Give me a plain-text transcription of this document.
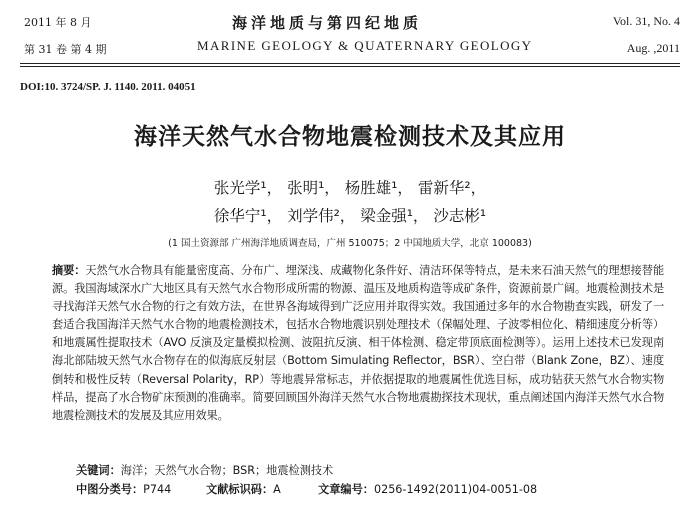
2011 年 8 月
第 31 卷 第 4 期
海洋地质与第四纪地质
MARINE GEOLOGY & QUATERNARY GEOLOGY
Vol. 31, No. 4
Aug. ,2011
DOI:10. 3724/SP. J. 1140. 2011. 04051
海洋天然气水合物地震检测技术及其应用
张光学¹， 张明¹， 杨胜雄¹， 雷新华²，
徐华宁¹， 刘学伟²， 梁金强¹， 沙志彬¹
(1 国土资源部 广州海洋地质调查局，广州 510075；2 中国地质大学，北京 100083)
摘要：天然气水合物具有能量密度高、分布广、埋深浅、成藏物化条件好、清洁环保等特点，是未来石油天然气的理想接替能源。我国海域深水广大地区具有天然气水合物形成所需的物源、温压及地质构造等成矿条件，资源前景广阔。地震检测技术是寻找海洋天然气水合物的行之有效方法，在世界各海域得到广泛应用并取得实效。我国通过多年的水合物勘查实践，研发了一套适合我国海洋天然气水合物的地震检测技术，包括水合物地震识别处理技术（保幅处理、子波零相位化、精细速度分析等）和地震属性提取技术（AVO 反演及定量模拟检测、波阻抗反演、相干体检测、稳定带顶底面检测等）。运用上述技术已发现南海北部陆坡天然气水合物存在的似海底反射层（Bottom Simulating Reflector，BSR）、空白带（Blank Zone，BZ）、速度倒转和极性反转（Reversal Polarity，RP）等地震异常标志，并依据提取的地震属性优选目标，成功钻获天然气水合物实物样品，提高了水合物矿床预测的准确率。简要回顾国外海洋天然气水合物地震勘探技术现状，重点阐述国内海洋天然气水合物地震检测技术的发展及其应用效果。
关键词：海洋；天然气水合物；BSR；地震检测技术
中图分类号：P744	文献标识码：A	文章编号：0256-1492(2011)04-0051-08
